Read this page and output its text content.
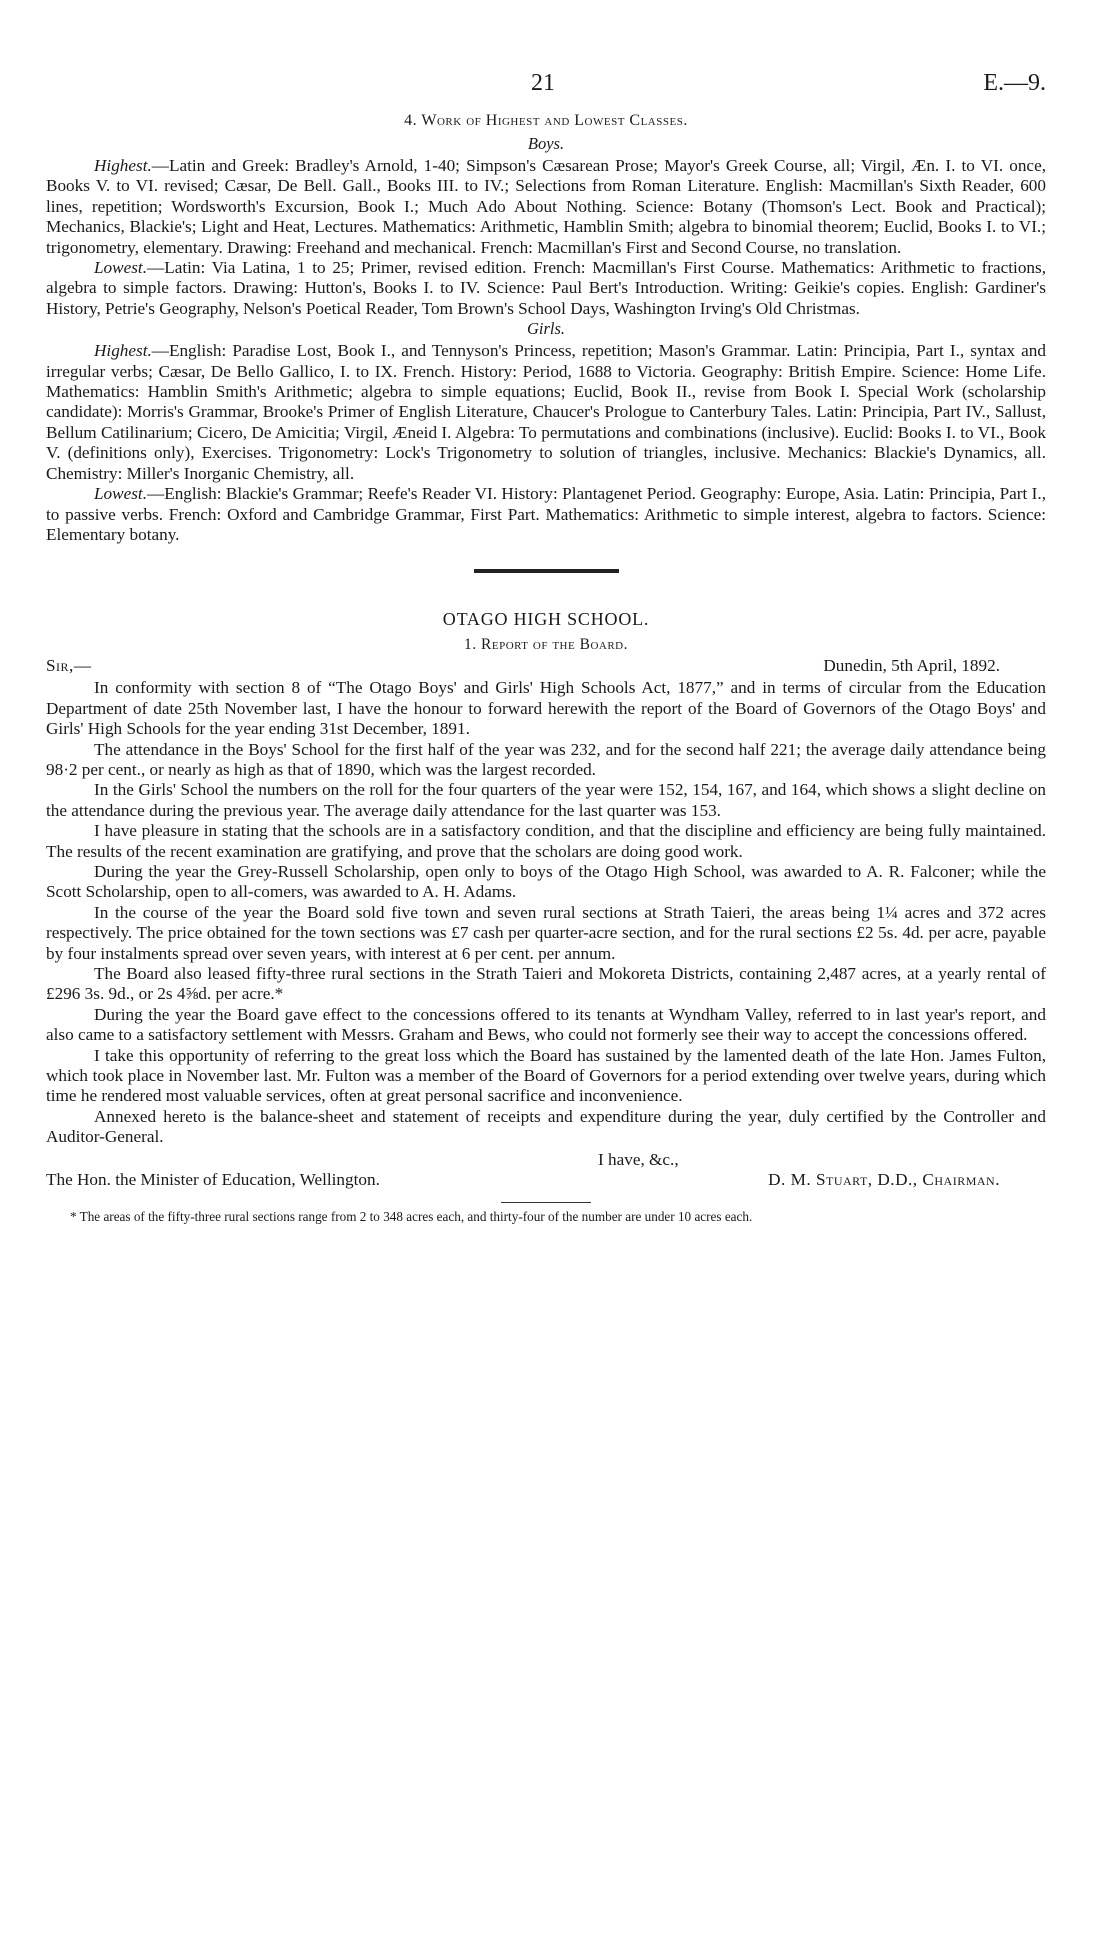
21	E.—9.
4. Work of Highest and Lowest Classes.
Boys.

Highest.—Latin and Greek: Bradley's Arnold, 1-40; Simpson's Cæsarean Prose; Mayor's Greek Course, all; Virgil, Æn. I. to VI. once, Books V. to VI. revised; Cæsar, De Bell. Gall., Books III. to IV.; Selections from Roman Literature. English: Macmillan's Sixth Reader, 600 lines, repetition; Wordsworth's Excursion, Book I.; Much Ado About Nothing. Science: Botany (Thomson's Lect. Book and Practical); Mechanics, Blackie's; Light and Heat, Lectures. Mathematics: Arithmetic, Hamblin Smith; algebra to binomial theorem; Euclid, Books I. to VI.; trigonometry, elementary. Drawing: Freehand and mechanical. French: Macmillan's First and Second Course, no translation.

Lowest.—Latin: Via Latina, 1 to 25; Primer, revised edition. French: Macmillan's First Course. Mathematics: Arithmetic to fractions, algebra to simple factors. Drawing: Hutton's, Books I. to IV. Science: Paul Bert's Introduction. Writing: Geikie's copies. English: Gardiner's History, Petrie's Geography, Nelson's Poetical Reader, Tom Brown's School Days, Washington Irving's Old Christmas.

Girls.

Highest.—English: Paradise Lost, Book I., and Tennyson's Princess, repetition; Mason's Grammar. Latin: Principia, Part I., syntax and irregular verbs; Cæsar, De Bello Gallico, I. to IX. French. History: Period, 1688 to Victoria. Geography: British Empire. Science: Home Life. Mathematics: Hamblin Smith's Arithmetic; algebra to simple equations; Euclid, Book II., revise from Book I. Special Work (scholarship candidate): Morris's Grammar, Brooke's Primer of English Literature, Chaucer's Prologue to Canterbury Tales. Latin: Principia, Part IV., Sallust, Bellum Catilinarium; Cicero, De Amicitia; Virgil, Æneid I. Algebra: To permutations and combinations (inclusive). Euclid: Books I. to VI., Book V. (definitions only), Exercises. Trigonometry: Lock's Trigonometry to solution of triangles, inclusive. Mechanics: Blackie's Dynamics, all. Chemistry: Miller's Inorganic Chemistry, all.

Lowest.—English: Blackie's Grammar; Reefe's Reader VI. History: Plantagenet Period. Geography: Europe, Asia. Latin: Principia, Part I., to passive verbs. French: Oxford and Cambridge Grammar, First Part. Mathematics: Arithmetic to simple interest, algebra to factors. Science: Elementary botany.

OTAGO HIGH SCHOOL.
1. Report of the Board.
Sir,—	Dunedin, 5th April, 1892.

In conformity with section 8 of “The Otago Boys' and Girls' High Schools Act, 1877,” and in terms of circular from the Education Department of date 25th November last, I have the honour to forward herewith the report of the Board of Governors of the Otago Boys' and Girls' High Schools for the year ending 31st December, 1891.

The attendance in the Boys' School for the first half of the year was 232, and for the second half 221; the average daily attendance being 98·2 per cent., or nearly as high as that of 1890, which was the largest recorded.

In the Girls' School the numbers on the roll for the four quarters of the year were 152, 154, 167, and 164, which shows a slight decline on the attendance during the previous year. The average daily attendance for the last quarter was 153.

I have pleasure in stating that the schools are in a satisfactory condition, and that the discipline and efficiency are being fully maintained. The results of the recent examination are gratifying, and prove that the scholars are doing good work.

During the year the Grey-Russell Scholarship, open only to boys of the Otago High School, was awarded to A. R. Falconer; while the Scott Scholarship, open to all-comers, was awarded to A. H. Adams.

In the course of the year the Board sold five town and seven rural sections at Strath Taieri, the areas being 1¼ acres and 372 acres respectively. The price obtained for the town sections was £7 cash per quarter-acre section, and for the rural sections £2 5s. 4d. per acre, payable by four instalments spread over seven years, with interest at 6 per cent. per annum.

The Board also leased fifty-three rural sections in the Strath Taieri and Mokoreta Districts, containing 2,487 acres, at a yearly rental of £296 3s. 9d., or 2s 4⅝d. per acre.*

During the year the Board gave effect to the concessions offered to its tenants at Wyndham Valley, referred to in last year's report, and also came to a satisfactory settlement with Messrs. Graham and Bews, who could not formerly see their way to accept the concessions offered.

I take this opportunity of referring to the great loss which the Board has sustained by the lamented death of the late Hon. James Fulton, which took place in November last. Mr. Fulton was a member of the Board of Governors for a period extending over twelve years, during which time he rendered most valuable services, often at great personal sacrifice and inconvenience.

Annexed hereto is the balance-sheet and statement of receipts and expenditure during the year, duly certified by the Controller and Auditor-General.

I have, &c.,
The Hon. the Minister of Education, Wellington.	D. M. Stuart, D.D., Chairman.

* The areas of the fifty-three rural sections range from 2 to 348 acres each, and thirty-four of the number are under 10 acres each.
